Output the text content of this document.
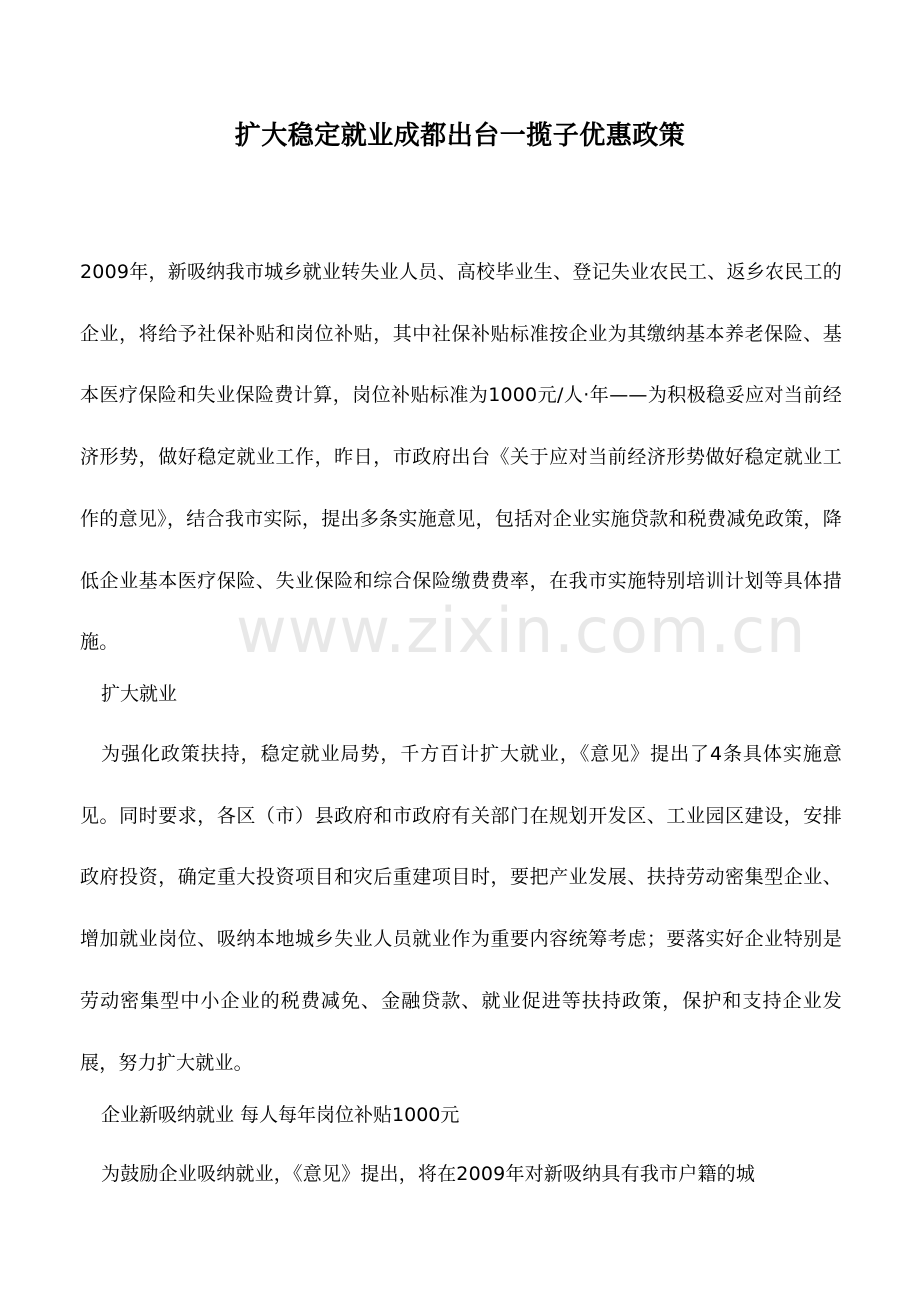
扩大稳定就业成都出台一揽子优惠政策
2009年，新吸纳我市城乡就业转失业人员、高校毕业生、登记失业农民工、返乡农民工的企业，将给予社保补贴和岗位补贴，其中社保补贴标准按企业为其缴纳基本养老保险、基本医疗保险和失业保险费计算，岗位补贴标准为1000元/人·年——为积极稳妥应对当前经济形势，做好稳定就业工作，昨日，市政府出台《关于应对当前经济形势做好稳定就业工作的意见》，结合我市实际，提出多条实施意见，包括对企业实施贷款和税费减免政策，降低企业基本医疗保险、失业保险和综合保险缴费费率，在我市实施特别培训计划等具体措施。
扩大就业
为强化政策扶持，稳定就业局势，千方百计扩大就业，《意见》提出了4条具体实施意见。同时要求，各区（市）县政府和市政府有关部门在规划开发区、工业园区建设，安排政府投资，确定重大投资项目和灾后重建项目时，要把产业发展、扶持劳动密集型企业、增加就业岗位、吸纳本地城乡失业人员就业作为重要内容统筹考虑；要落实好企业特别是劳动密集型中小企业的税费减免、金融贷款、就业促进等扶持政策，保护和支持企业发展，努力扩大就业。
企业新吸纳就业 每人每年岗位补贴1000元
为鼓励企业吸纳就业，《意见》提出，将在2009年对新吸纳具有我市户籍的城
www.zixin.com.cn
